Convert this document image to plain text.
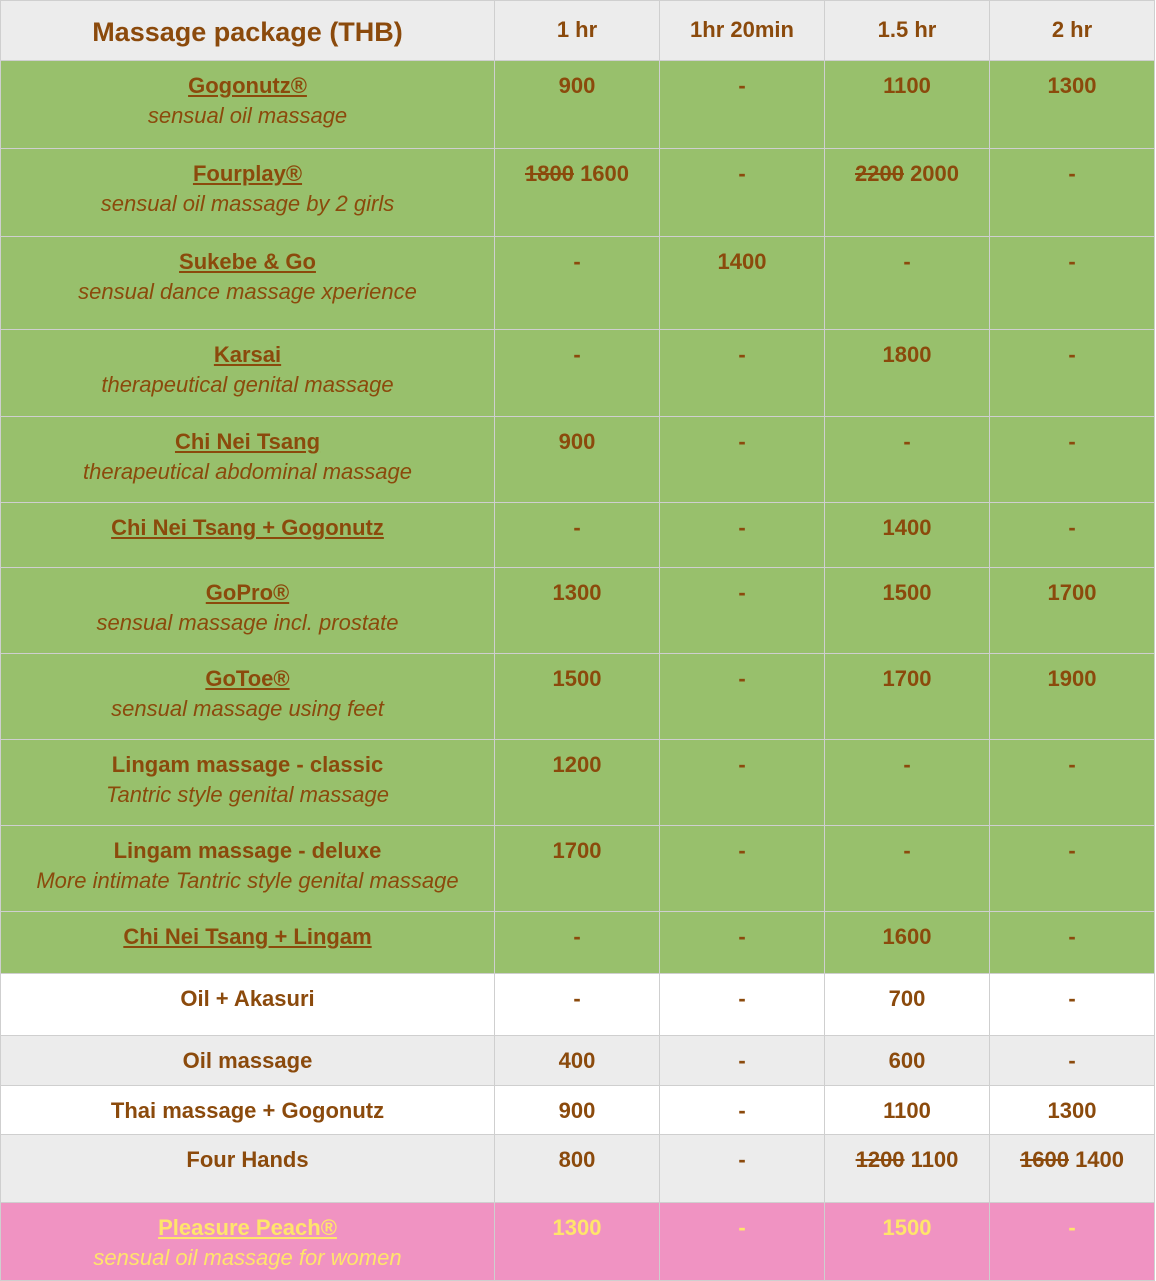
Massage package (THB)	1 hr	1hr 20min	1.5 hr	2 hr

Gogonutz®
sensual oil massage	900	-	1100	1300

Fourplay®
sensual oil massage by 2 girls	1800 1600	-	2200 2000	-

Sukebe & Go
sensual dance massage xperience	-	1400	-	-

Karsai
therapeutical genital massage	-	-	1800	-

Chi Nei Tsang
therapeutical abdominal massage	900	-	-	-

Chi Nei Tsang + Gogonutz	-	-	1400	-

GoPro®
sensual massage incl. prostate	1300	-	1500	1700

GoToe®
sensual massage using feet	1500	-	1700	1900

Lingam massage - classic
Tantric style genital massage	1200	-	-	-

Lingam massage - deluxe
More intimate Tantric style genital massage	1700	-	-	-

Chi Nei Tsang + Lingam	-	-	1600	-

Oil + Akasuri	-	-	700	-

Oil massage	400	-	600	-

Thai massage + Gogonutz	900	-	1100	1300

Four Hands	800	-	1200 1100	1600 1400

Pleasure Peach®
sensual oil massage for women	1300	-	1500	-
